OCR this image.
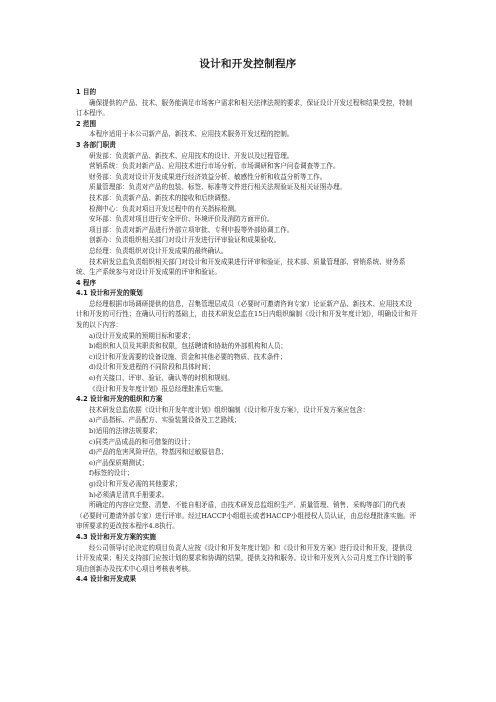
设计和开发控制程序
1 目的
确保提供的产品、技术、服务能满足市场客户需求和相关法律法规的要求，保证设计开发过程和结果受控，特制订本程序。
2 范围
本程序适用于本公司新产品、新技术、应用技术服务开发过程的控制。
3 各部门职责
研发部：负责新产品、新技术、应用技术的设计、开发以及过程管理。
营销系统：负责对新产品、应用技术进行市场分析、市场调研和客户问卷调查等工作。
财务部：负责对设计开发成果进行经济效益分析、敏感性分析和收益分析等工作。
质量管理部：负责对产品的包装、标签、标准等文件进行相关法规验证及相关证照办理。
技术部：负责新产品、新技术的接收和后续调整。
检测中心：负责对项目开发过程中的有关指标检测。
安环部：负责对项目进行安全评价、环境评价及消防方面评价。
项目部：负责对新产品进行外部立项审批、专利申报等外部协调工作。
创新办：负责组织相关部门对设计开发进行评审验证和成果验收。
总经理：负责组织对设计开发成果的最终确认。
技术研发总监负责组织相关部门对设计和开发成果进行评审和验证，技术部、质量管理部、营销系统、财务系统、生产系统参与对设计开发成果的评审和验证。
4 程序
4.1 设计和开发的策划
总经理根据市场调研提供的信息，召集管理层成员（必要时可邀请咨询专家）论证新产品、新技术、应用技术设计和开发的可行性；在确认可行的基础上，由技术研发总监在15日内组织编制《设计和开发年度计划》，明确设计和开发的以下内容：
a)设计开发成果的预期目标和要求；
b)组织和人员及其职责和权限，包括聘请和协助的外部机构和人员；
c)设计和开发需要的设备设施、资金和其他必要的物质、技术条件；
d)设计和开发进程的不同阶段和具体时间；
e)有关接口、评审、验证、确认等的时机和规则。
《设计和开发年度计划》报总经理批准后实施。
4.2 设计和开发的组织和方案
技术研发总监依据《设计和开发年度计划》组织编制《设计和开发方案》，设计开发方案应包含：
a)产品指标、产品配方、实验装置设备及工艺路线；
b)适用的法律法规要求；
c)同类产品成品的和可借鉴的设计；
d)产品的危害风险评估，特基因和过敏原信息；
e)产品保质期测试；
f)标签的设计；
g)设计和开发必需的其他要求；
h)必须满足清真手册要求。
所确定的内容应完整、清楚、不能自相矛盾，由技术研发总监组织生产、质量管理、销售、采购等部门的代表（必要时可邀请外部专家）进行评审。经过HACCP小组组长或者HACCP小组授权人员认证，由总经理批准实施。评审所要求的更改按本程序4.8执行。
4.3 设计和开发方案的实施
经公司领导讨论决定的项目负责人应按《设计和开发年度计划》和《设计和开发方案》进行设计和开发，提供设计开发成果；相关支持部门应按计划的要求和协调的结果，提供支持和服务。设计和开发列入公司月度工作计划的事项由创新办及技术中心项目考核表考核。
4.4 设计和开发成果
